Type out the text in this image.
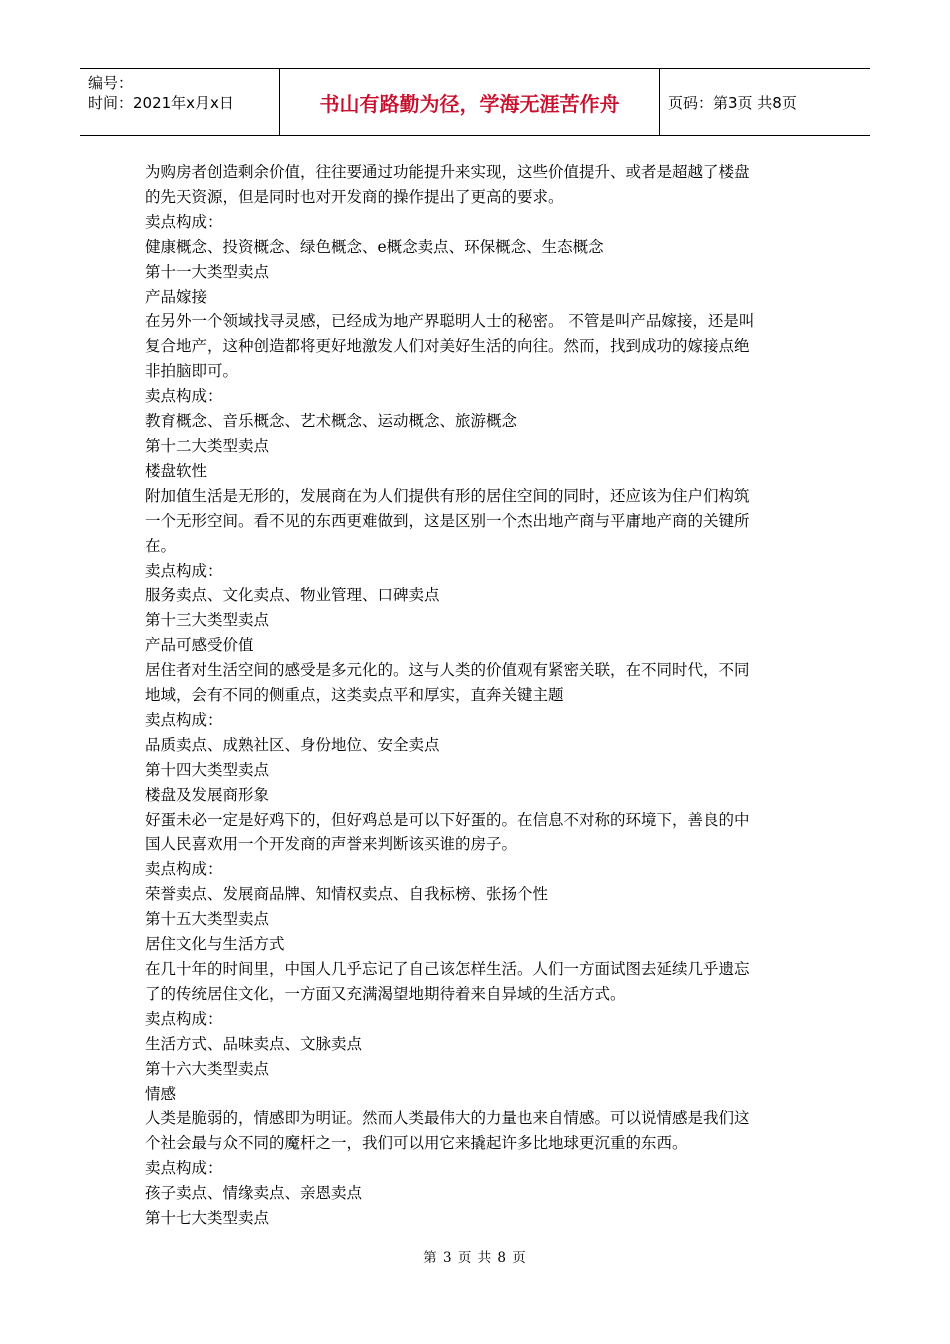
编号：
时间：2021年x月x日	书山有路勤为径，学海无涯苦作舟	页码：第3页 共8页

为购房者创造剩余价值，往往要通过功能提升来实现，这些价值提升、或者是超越了楼盘

的先天资源，但是同时也对开发商的操作提出了更高的要求。

卖点构成：

健康概念、投资概念、绿色概念、e概念卖点、环保概念、生态概念

第十一大类型卖点

产品嫁接

在另外一个领域找寻灵感，已经成为地产界聪明人士的秘密。 不管是叫产品嫁接，还是叫

复合地产，这种创造都将更好地激发人们对美好生活的向往。然而，找到成功的嫁接点绝

非拍脑即可。

卖点构成：

教育概念、音乐概念、艺术概念、运动概念、旅游概念

第十二大类型卖点

楼盘软性

附加值生活是无形的，发展商在为人们提供有形的居住空间的同时，还应该为住户们构筑

一个无形空间。看不见的东西更难做到，这是区别一个杰出地产商与平庸地产商的关键所

在。

卖点构成：

服务卖点、文化卖点、物业管理、口碑卖点

第十三大类型卖点

产品可感受价值

居住者对生活空间的感受是多元化的。这与人类的价值观有紧密关联，在不同时代，不同

地域，会有不同的侧重点，这类卖点平和厚实，直奔关键主题

卖点构成：

品质卖点、成熟社区、身份地位、安全卖点

第十四大类型卖点

楼盘及发展商形象

好蛋未必一定是好鸡下的，但好鸡总是可以下好蛋的。在信息不对称的环境下，善良的中

国人民喜欢用一个开发商的声誉来判断该买谁的房子。

卖点构成：

荣誉卖点、发展商品牌、知情权卖点、自我标榜、张扬个性

第十五大类型卖点

居住文化与生活方式

在几十年的时间里，中国人几乎忘记了自己该怎样生活。人们一方面试图去延续几乎遗忘

了的传统居住文化，一方面又充满渴望地期待着来自异域的生活方式。

卖点构成：

生活方式、品味卖点、文脉卖点

第十六大类型卖点

情感

人类是脆弱的，情感即为明证。然而人类最伟大的力量也来自情感。可以说情感是我们这

个社会最与众不同的魔杆之一，我们可以用它来撬起许多比地球更沉重的东西。

卖点构成：

孩子卖点、情缘卖点、亲恩卖点

第十七大类型卖点

第 3 页 共 8 页
